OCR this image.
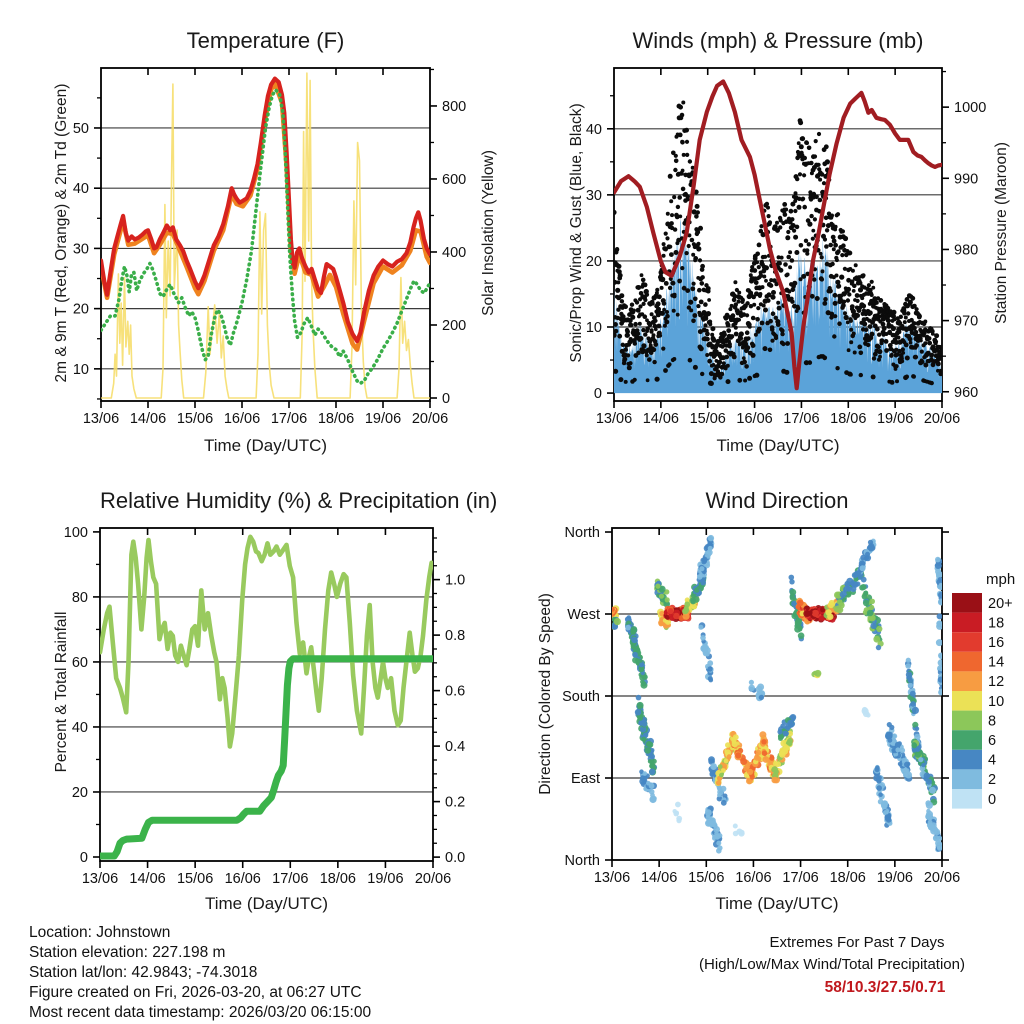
13/06 14/06 15/06 16/06 17/06 18/06 19/06 20/06
10
20
30
40
50
0
200
400
600
800
13/06 14/06 15/06 16/06 17/06 18/06 19/06 20/06
0
10
20
30
40
960
970
980
990
1000
13/06 14/06 15/06 16/06 17/06 18/06 19/06 20/06
0
20
40
60
80
100
0.0
0.2
0.4
0.6
0.8
1.0
13/06 14/06 15/06 16/06 17/06 18/06 19/06 20/06
North
West
South
East
North
20+
18
16
14
12
10
8
6
4
2
0
mph
Temperature (F)	Winds (mph) & Pressure (mb)
Relative Humidity (%) & Precipitation (in)	Wind Direction
Time (Day/UTC)	Time (Day/UTC)
Time (Day/UTC)	Time (Day/UTC)
2m & 9m T (Red, Orange) & 2m Td (Green)	Solar Insolation (Yellow)	Sonic/Prop Wind & Gust (Blue, Black)	Station Pressure (Maroon)
Percent & Total Rainfall	Direction (Colored By Speed)
Location: Johnstown
Station elevation: 227.198 m
Station lat/lon: 42.9843; -74.3018
Figure created on Fri, 2026-03-20, at 06:27 UTC
Most recent data timestamp: 2026/03/20 06:15:00
Extremes For Past 7 Days
(High/Low/Max Wind/Total Precipitation)
58/10.3/27.5/0.71
